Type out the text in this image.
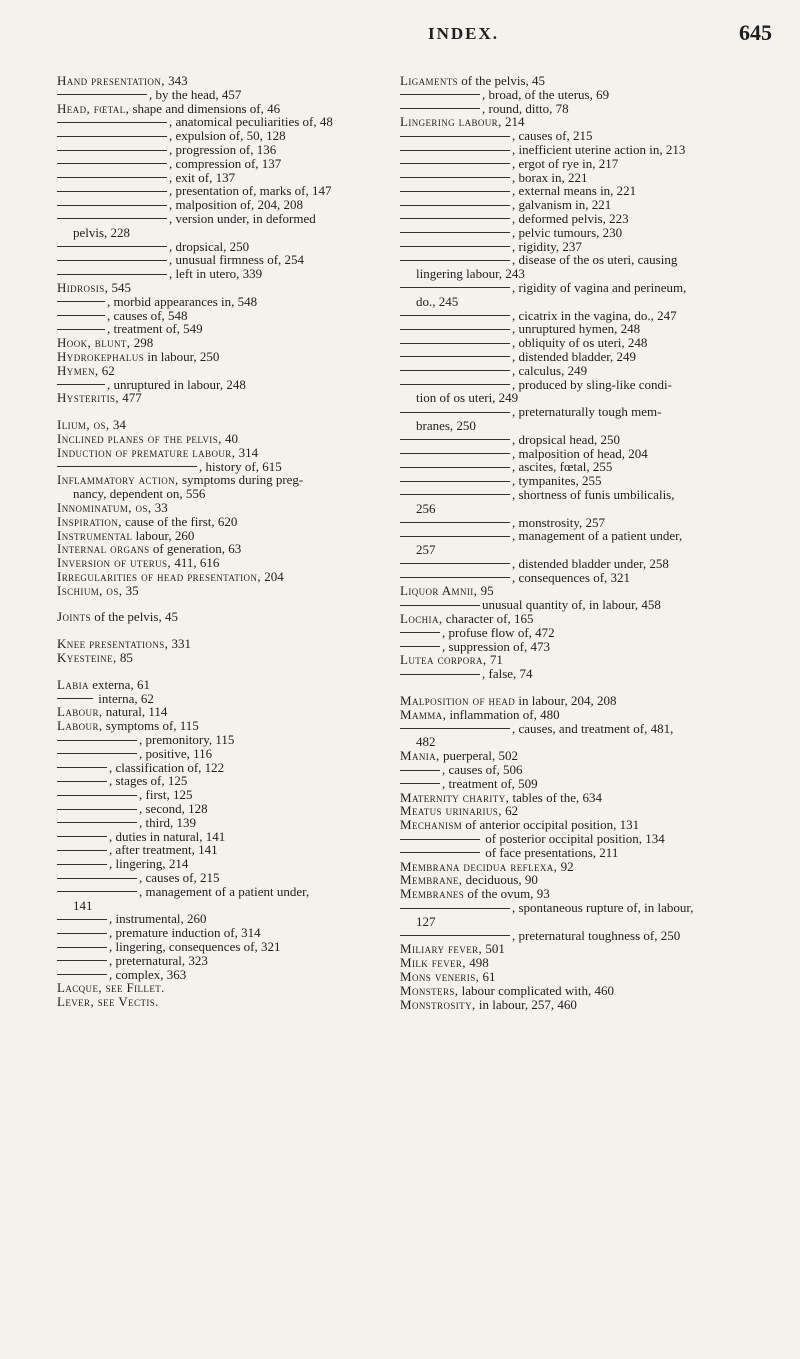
INDEX.	645
Hand presentation, 343
, by the head, 457
Head, fœtal, shape and dimensions of, 46
, anatomical peculiarities of, 48
, expulsion of, 50, 128
, progression of, 136
, compression of, 137
, exit of, 137
, presentation of, marks of, 147
, malposition of, 204, 208
, version under, in deformed
pelvis, 228
, dropsical, 250
, unusual firmness of, 254
, left in utero, 339
Hidrosis, 545
, morbid appearances in, 548
, causes of, 548
, treatment of, 549
Hook, blunt, 298
Hydrokephalus in labour, 250
Hymen, 62
, unruptured in labour, 248
Hysteritis, 477
Ilium, os, 34
Inclined planes of the pelvis, 40
Induction of premature labour, 314
, history of, 615
Inflammatory action, symptoms during preg-
nancy, dependent on, 556
Innominatum, os, 33
Inspiration, cause of the first, 620
Instrumental labour, 260
Internal organs of generation, 63
Inversion of uterus, 411, 616
Irregularities of head presentation, 204
Ischium, os, 35
Joints of the pelvis, 45
Knee presentations, 331
Kyesteine, 85
Labia externa, 61
interna, 62
Labour, natural, 114
Labour, symptoms of, 115
, premonitory, 115
, positive, 116
, classification of, 122
, stages of, 125
, first, 125
, second, 128
, third, 139
, duties in natural, 141
, after treatment, 141
, lingering, 214
, causes of, 215
, management of a patient under,
141
, instrumental, 260
, premature induction of, 314
, lingering, consequences of, 321
, preternatural, 323
, complex, 363
Lacque, see Fillet.
Lever, see Vectis.
Ligaments of the pelvis, 45
, broad, of the uterus, 69
, round, ditto, 78
Lingering labour, 214
, causes of, 215
, inefficient uterine action in, 213
, ergot of rye in, 217
, borax in, 221
, external means in, 221
, galvanism in, 221
, deformed pelvis, 223
, pelvic tumours, 230
, rigidity, 237
, disease of the os uteri, causing
lingering labour, 243
, rigidity of vagina and perineum,
do., 245
, cicatrix in the vagina, do., 247
, unruptured hymen, 248
, obliquity of os uteri, 248
, distended bladder, 249
, calculus, 249
, produced by sling-like condi-
tion of os uteri, 249
, preternaturally tough mem-
branes, 250
, dropsical head, 250
, malposition of head, 204
, ascites, fœtal, 255
, tympanites, 255
, shortness of funis umbilicalis,
256
, monstrosity, 257
, management of a patient under,
257
, distended bladder under, 258
, consequences of, 321
Liquor Amnii, 95
unusual quantity of, in labour, 458
Lochia, character of, 165
, profuse flow of, 472
, suppression of, 473
Lutea corpora, 71
, false, 74
Malposition of head in labour, 204, 208
Mamma, inflammation of, 480
, causes, and treatment of, 481,
482
Mania, puerperal, 502
, causes of, 506
, treatment of, 509
Maternity charity, tables of the, 634
Meatus urinarius, 62
Mechanism of anterior occipital position, 131
of posterior occipital position, 134
of face presentations, 211
Membrana decidua reflexa, 92
Membrane, deciduous, 90
Membranes of the ovum, 93
, spontaneous rupture of, in labour,
127
, preternatural toughness of, 250
Miliary fever, 501
Milk fever, 498
Mons veneris, 61
Monsters, labour complicated with, 460
Monstrosity, in labour, 257, 460
